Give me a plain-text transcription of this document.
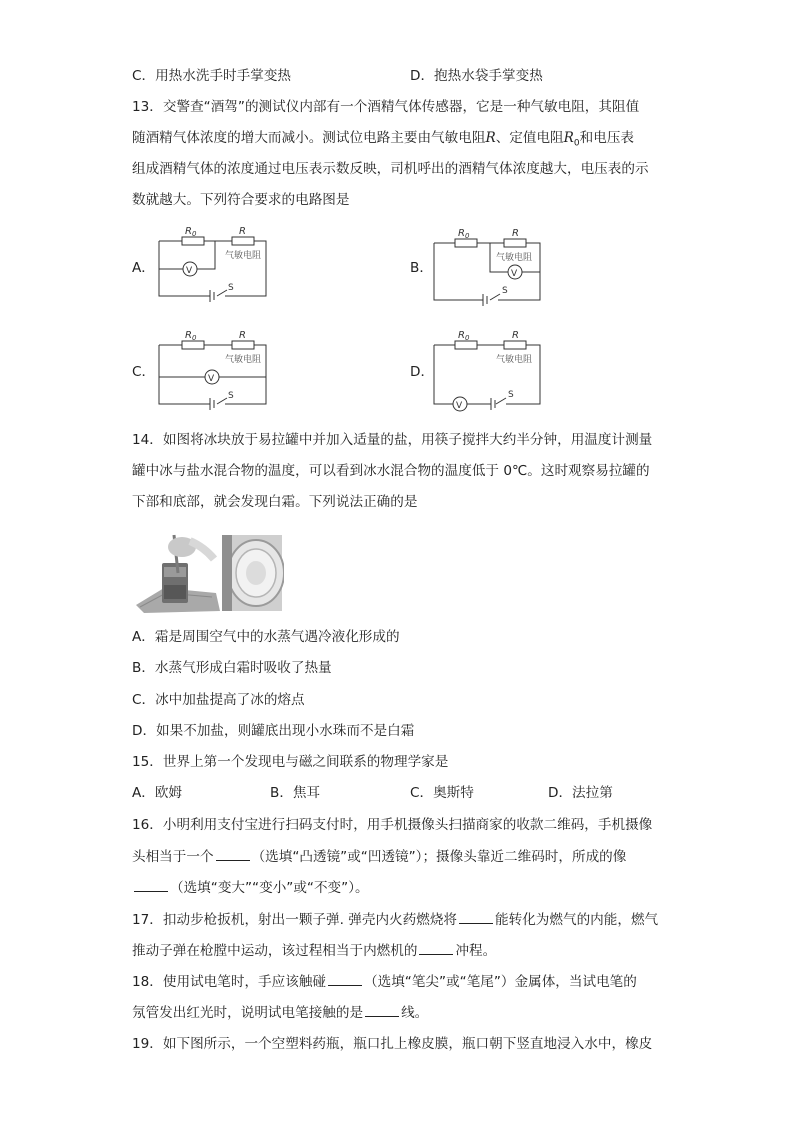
C．用热水洗手时手掌变热	D．抱热水袋手掌变热
13．交警查“酒驾”的测试仪内部有一个酒精气体传感器，它是一种气敏电阻，其阻值
随酒精气体浓度的增大而减小。测试位电路主要由气敏电阻R、定值电阻$R_0$和电压表
组成酒精气体的浓度通过电压表示数反映，司机呼出的酒精气体浓度越大，电压表的示
数就越大。下列符合要求的电路图是
A．	B．
C．	D．
$R_0$	R
气敏电阻
V
S
$R_0$	R
气敏电阻
V
S
$R_0$	R
气敏电阻
V
S
$R_0$	R
气敏电阻
V
S
14．如图将冰块放于易拉罐中并加入适量的盐，用筷子搅拌大约半分钟，用温度计测量
罐中冰与盐水混合物的温度，可以看到冰水混合物的温度低于 0℃。这时观察易拉罐的
下部和底部，就会发现白霜。下列说法正确的是
A．霜是周围空气中的水蒸气遇冷液化形成的
B．水蒸气形成白霜时吸收了热量
C．冰中加盐提高了冰的熔点
D．如果不加盐，则罐底出现小水珠而不是白霜
15．世界上第一个发现电与磁之间联系的物理学家是
A．欧姆	B．焦耳	C．奥斯特	D．法拉第
16．小明利用支付宝进行扫码支付时，用手机摄像头扫描商家的收款二维码，手机摄像
头相当于一个	（选填“凸透镜”或“凹透镜”）；摄像头靠近二维码时，所成的像
（选填“变大”“变小”或“不变”）。
17．扣动步枪扳机，射出一颗子弹. 弹壳内火药燃烧将	能转化为燃气的内能，燃气
推动子弹在枪膛中运动，该过程相当于内燃机的	冲程。
18．使用试电笔时，手应该触碰	（选填“笔尖”或“笔尾”）金属体，当试电笔的
氖管发出红光时，说明试电笔接触的是	线。
19．如下图所示，一个空塑料药瓶，瓶口扎上橡皮膜，瓶口朝下竖直地浸入水中，橡皮
